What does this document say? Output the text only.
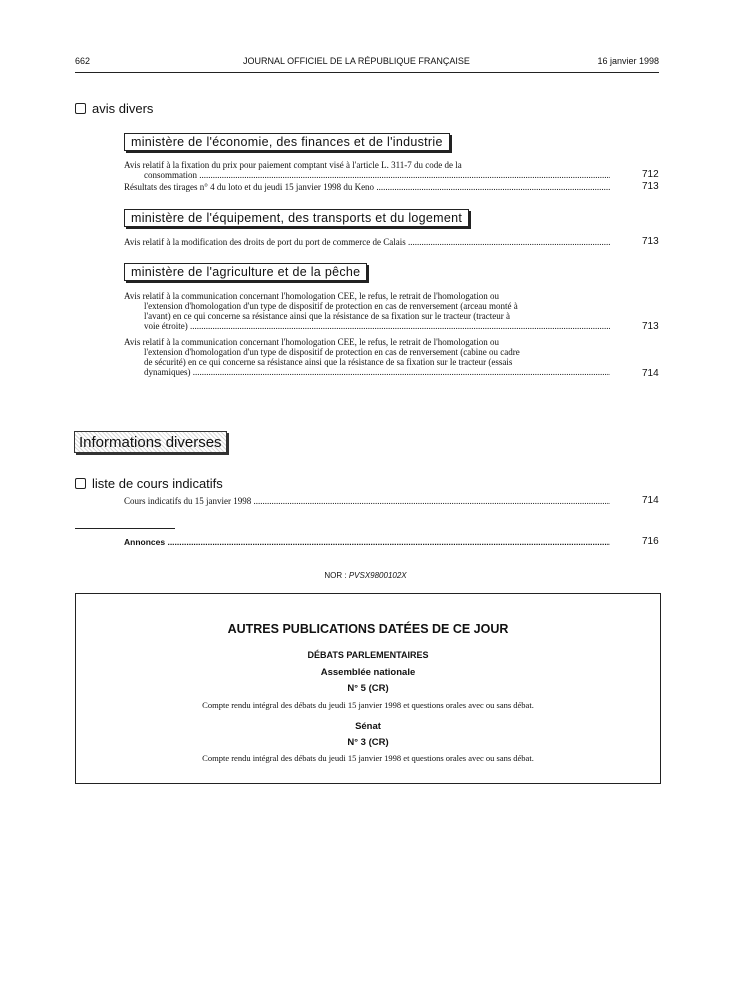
662	JOURNAL OFFICIEL DE LA RÉPUBLIQUE FRANÇAISE	16 janvier 1998
avis divers
ministère de l'économie, des finances et de l'industrie
Avis relatif à la fixation du prix pour paiement comptant visé à l'article L. 311-7 du code de la
consommation .....	712
Résultats des tirages n° 4 du loto et du jeudi 15 janvier 1998 du Keno .....	713
ministère de l'équipement, des transports et du logement
Avis relatif à la modification des droits de port du port de commerce de Calais .....	713
ministère de l'agriculture et de la pêche
Avis relatif à la communication concernant l'homologation CEE, le refus, le retrait de l'homologation ou
l'extension d'homologation d'un type de dispositif de protection en cas de renversement (arceau monté à
l'avant) en ce qui concerne sa résistance ainsi que la résistance de sa fixation sur le tracteur (tracteur à
voie étroite) .....	713
Avis relatif à la communication concernant l'homologation CEE, le refus, le retrait de l'homologation ou
l'extension d'homologation d'un type de dispositif de protection en cas de renversement (cabine ou cadre
de sécurité) en ce qui concerne sa résistance ainsi que la résistance de sa fixation sur le tracteur (essais
dynamiques) .....	714
Informations diverses
liste de cours indicatifs
Cours indicatifs du 15 janvier 1998 .....	714
Annonces .....	716
NOR : PVSX9800102X
AUTRES PUBLICATIONS DATÉES DE CE JOUR
DÉBATS PARLEMENTAIRES
Assemblée nationale
N° 5 (CR)
Compte rendu intégral des débats du jeudi 15 janvier 1998 et questions orales avec ou sans débat.
Sénat
N° 3 (CR)
Compte rendu intégral des débats du jeudi 15 janvier 1998 et questions orales avec ou sans débat.
